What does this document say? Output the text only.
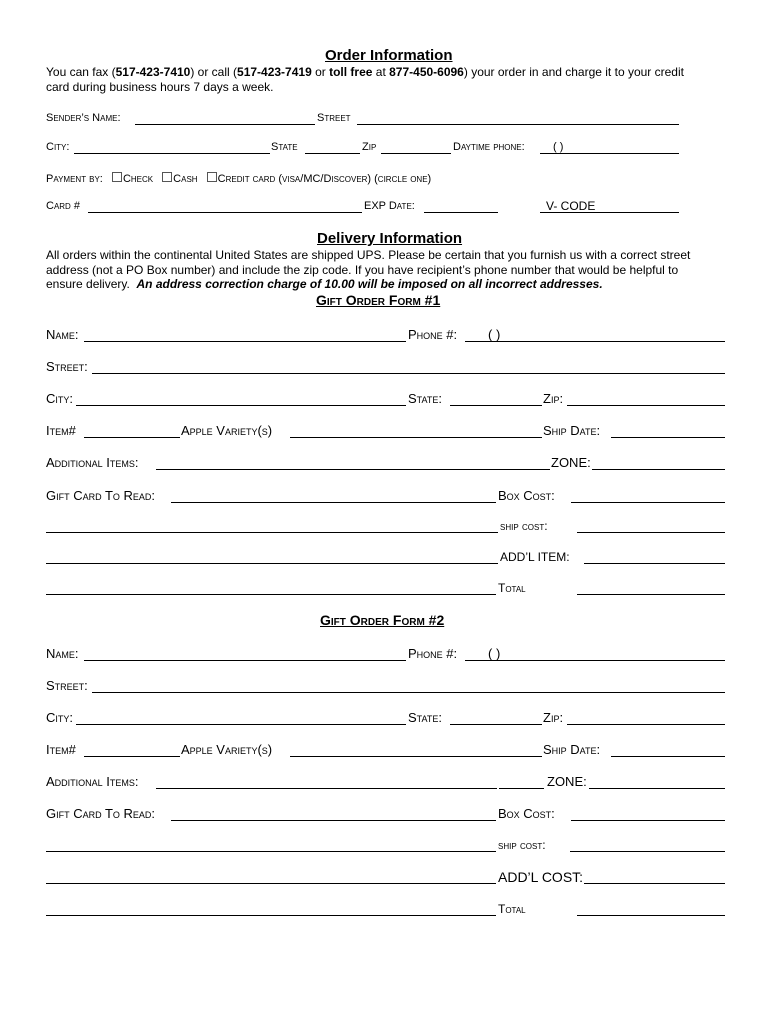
Order Information
You can fax (517-423-7410) or call (517-423-7419 or toll free at 877-450-6096) your order in and charge it to your credit
card during business hours 7 days a week.
Sender’s Name:	Street
City:	State	Zip	Daytime phone:	( )
Payment by: Check Cash Credit card (visa/MC/Discover) (circle one)
Card #	EXP Date:	V- CODE
Delivery Information
All orders within the continental United States are shipped UPS. Please be certain that you furnish us with a correct street
address (not a PO Box number) and include the zip code. If you have recipient’s phone number that would be helpful to
ensure delivery. An address correction charge of 10.00 will be imposed on all incorrect addresses.
Gift Order Form #1
Name:	Phone #: ( )
Street:
City:	State:	Zip:
Item#	Apple Variety(s)	Ship Date:
Additional Items:	ZONE:
Gift Card To Read:	Box Cost:
ship cost:
ADD’L ITEM:
Total
Gift Order Form #2
Name:	Phone #: ( )
Street:
City:	State:	Zip:
Item#	Apple Variety(s)	Ship Date:
Additional Items:	ZONE:
Gift Card To Read:	Box Cost:
ship cost:
ADD’L COST:
Total
